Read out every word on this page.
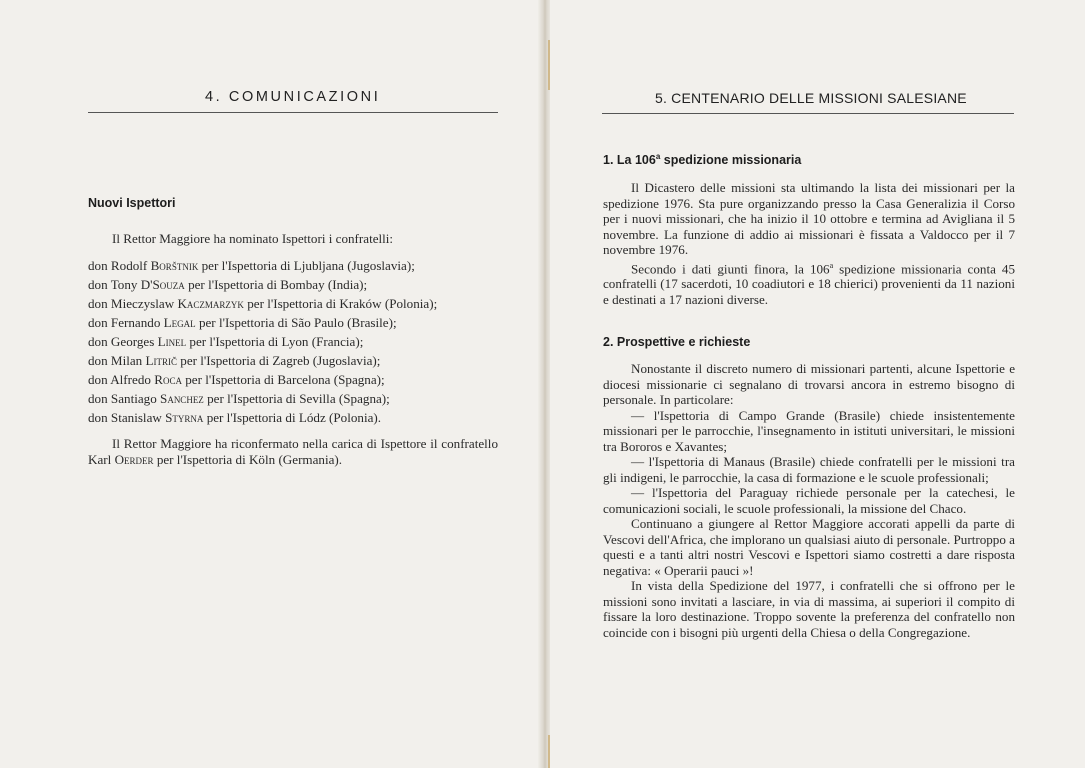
4. COMUNICAZIONI
Nuovi Ispettori

Il Rettor Maggiore ha nominato Ispettori i confratelli:

don Rodolf Borštnik per l'Ispettoria di Ljubljana (Jugoslavia);
don Tony D'Souza per l'Ispettoria di Bombay (India);
don Mieczyslaw Kaczmarzyk per l'Ispettoria di Kraków (Polonia);
don Fernando Legal per l'Ispettoria di São Paulo (Brasile);
don Georges Linel per l'Ispettoria di Lyon (Francia);
don Milan Litrič per l'Ispettoria di Zagreb (Jugoslavia);
don Alfredo Roca per l'Ispettoria di Barcelona (Spagna);
don Santiago Sanchez per l'Ispettoria di Sevilla (Spagna);
don Stanislaw Styrna per l'Ispettoria di Lódz (Polonia).

Il Rettor Maggiore ha riconfermato nella carica di Ispettore il confratello Karl Oerder per l'Ispettoria di Köln (Germania).

5. CENTENARIO DELLE MISSIONI SALESIANE
1. La 106$^a$ spedizione missionaria

Il Dicastero delle missioni sta ultimando la lista dei missionari per la spedizione 1976. Sta pure organizzando presso la Casa Generalizia il Corso per i nuovi missionari, che ha inizio il 10 ottobre e termina ad Avigliana il 5 novembre. La funzione di addio ai missionari è fissata a Valdocco per il 7 novembre 1976.

Secondo i dati giunti finora, la 106$^a$ spedizione missionaria conta 45 confratelli (17 sacerdoti, 10 coadiutori e 18 chierici) provenienti da 11 nazioni e destinati a 17 nazioni diverse.

2. Prospettive e richieste

Nonostante il discreto numero di missionari partenti, alcune Ispettorie e diocesi missionarie ci segnalano di trovarsi ancora in estremo bisogno di personale. In particolare:

— l'Ispettoria di Campo Grande (Brasile) chiede insistentemente missionari per le parrocchie, l'insegnamento in istituti universitari, le missioni tra Bororos e Xavantes;

— l'Ispettoria di Manaus (Brasile) chiede confratelli per le missioni tra gli indigeni, le parrocchie, la casa di formazione e le scuole professionali;

— l'Ispettoria del Paraguay richiede personale per la catechesi, le comunicazioni sociali, le scuole professionali, la missione del Chaco.

Continuano a giungere al Rettor Maggiore accorati appelli da parte di Vescovi dell'Africa, che implorano un qualsiasi aiuto di personale. Purtroppo a questi e a tanti altri nostri Vescovi e Ispettori siamo costretti a dare risposta negativa: « Operarii pauci »!

In vista della Spedizione del 1977, i confratelli che si offrono per le missioni sono invitati a lasciare, in via di massima, ai superiori il compito di fissare la loro destinazione. Troppo sovente la preferenza del confratello non coincide con i bisogni più urgenti della Chiesa o della Congregazione.
